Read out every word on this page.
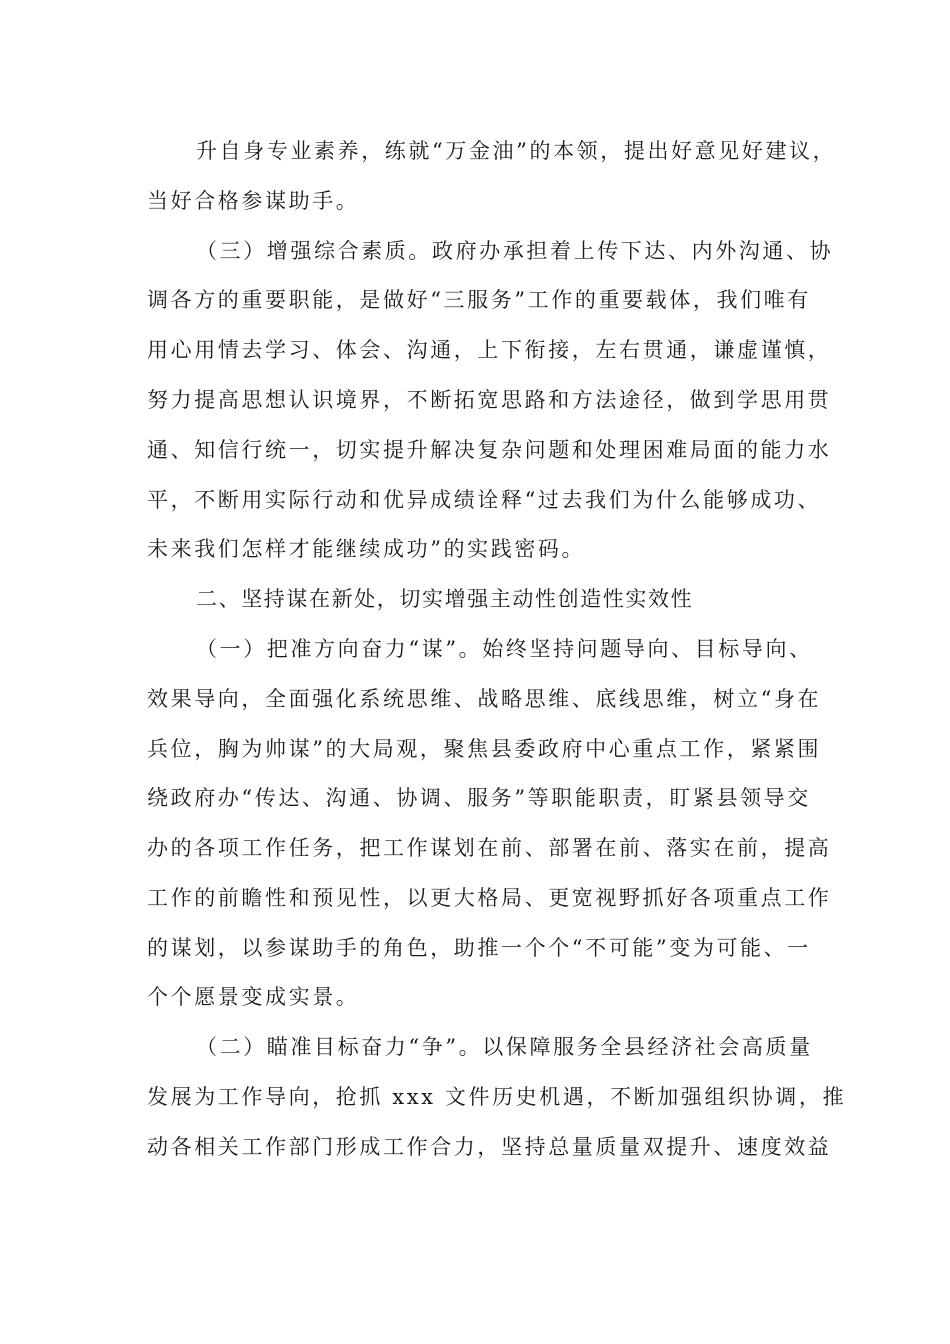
升自身专业素养，练就“万金油”的本领，提出好意见好建议，
当好合格参谋助手。
（三）增强综合素质。政府办承担着上传下达、内外沟通、协
调各方的重要职能，是做好“三服务”工作的重要载体，我们唯有
用心用情去学习、体会、沟通，上下衔接，左右贯通，谦虚谨慎，
努力提高思想认识境界，不断拓宽思路和方法途径，做到学思用贯
通、知信行统一，切实提升解决复杂问题和处理困难局面的能力水
平，不断用实际行动和优异成绩诠释“过去我们为什么能够成功、
未来我们怎样才能继续成功”的实践密码。
二、坚持谋在新处，切实增强主动性创造性实效性
（一）把准方向奋力“谋”。始终坚持问题导向、目标导向、
效果导向，全面强化系统思维、战略思维、底线思维，树立“身在
兵位，胸为帅谋”的大局观，聚焦县委政府中心重点工作，紧紧围
绕政府办“传达、沟通、协调、服务”等职能职责，盯紧县领导交
办的各项工作任务，把工作谋划在前、部署在前、落实在前，提高
工作的前瞻性和预见性，以更大格局、更宽视野抓好各项重点工作
的谋划，以参谋助手的角色，助推一个个“不可能”变为可能、一
个个愿景变成实景。
（二）瞄准目标奋力“争”。以保障服务全县经济社会高质量
发展为工作导向，抢抓 xxx 文件历史机遇，不断加强组织协调，推
动各相关工作部门形成工作合力，坚持总量质量双提升、速度效益
